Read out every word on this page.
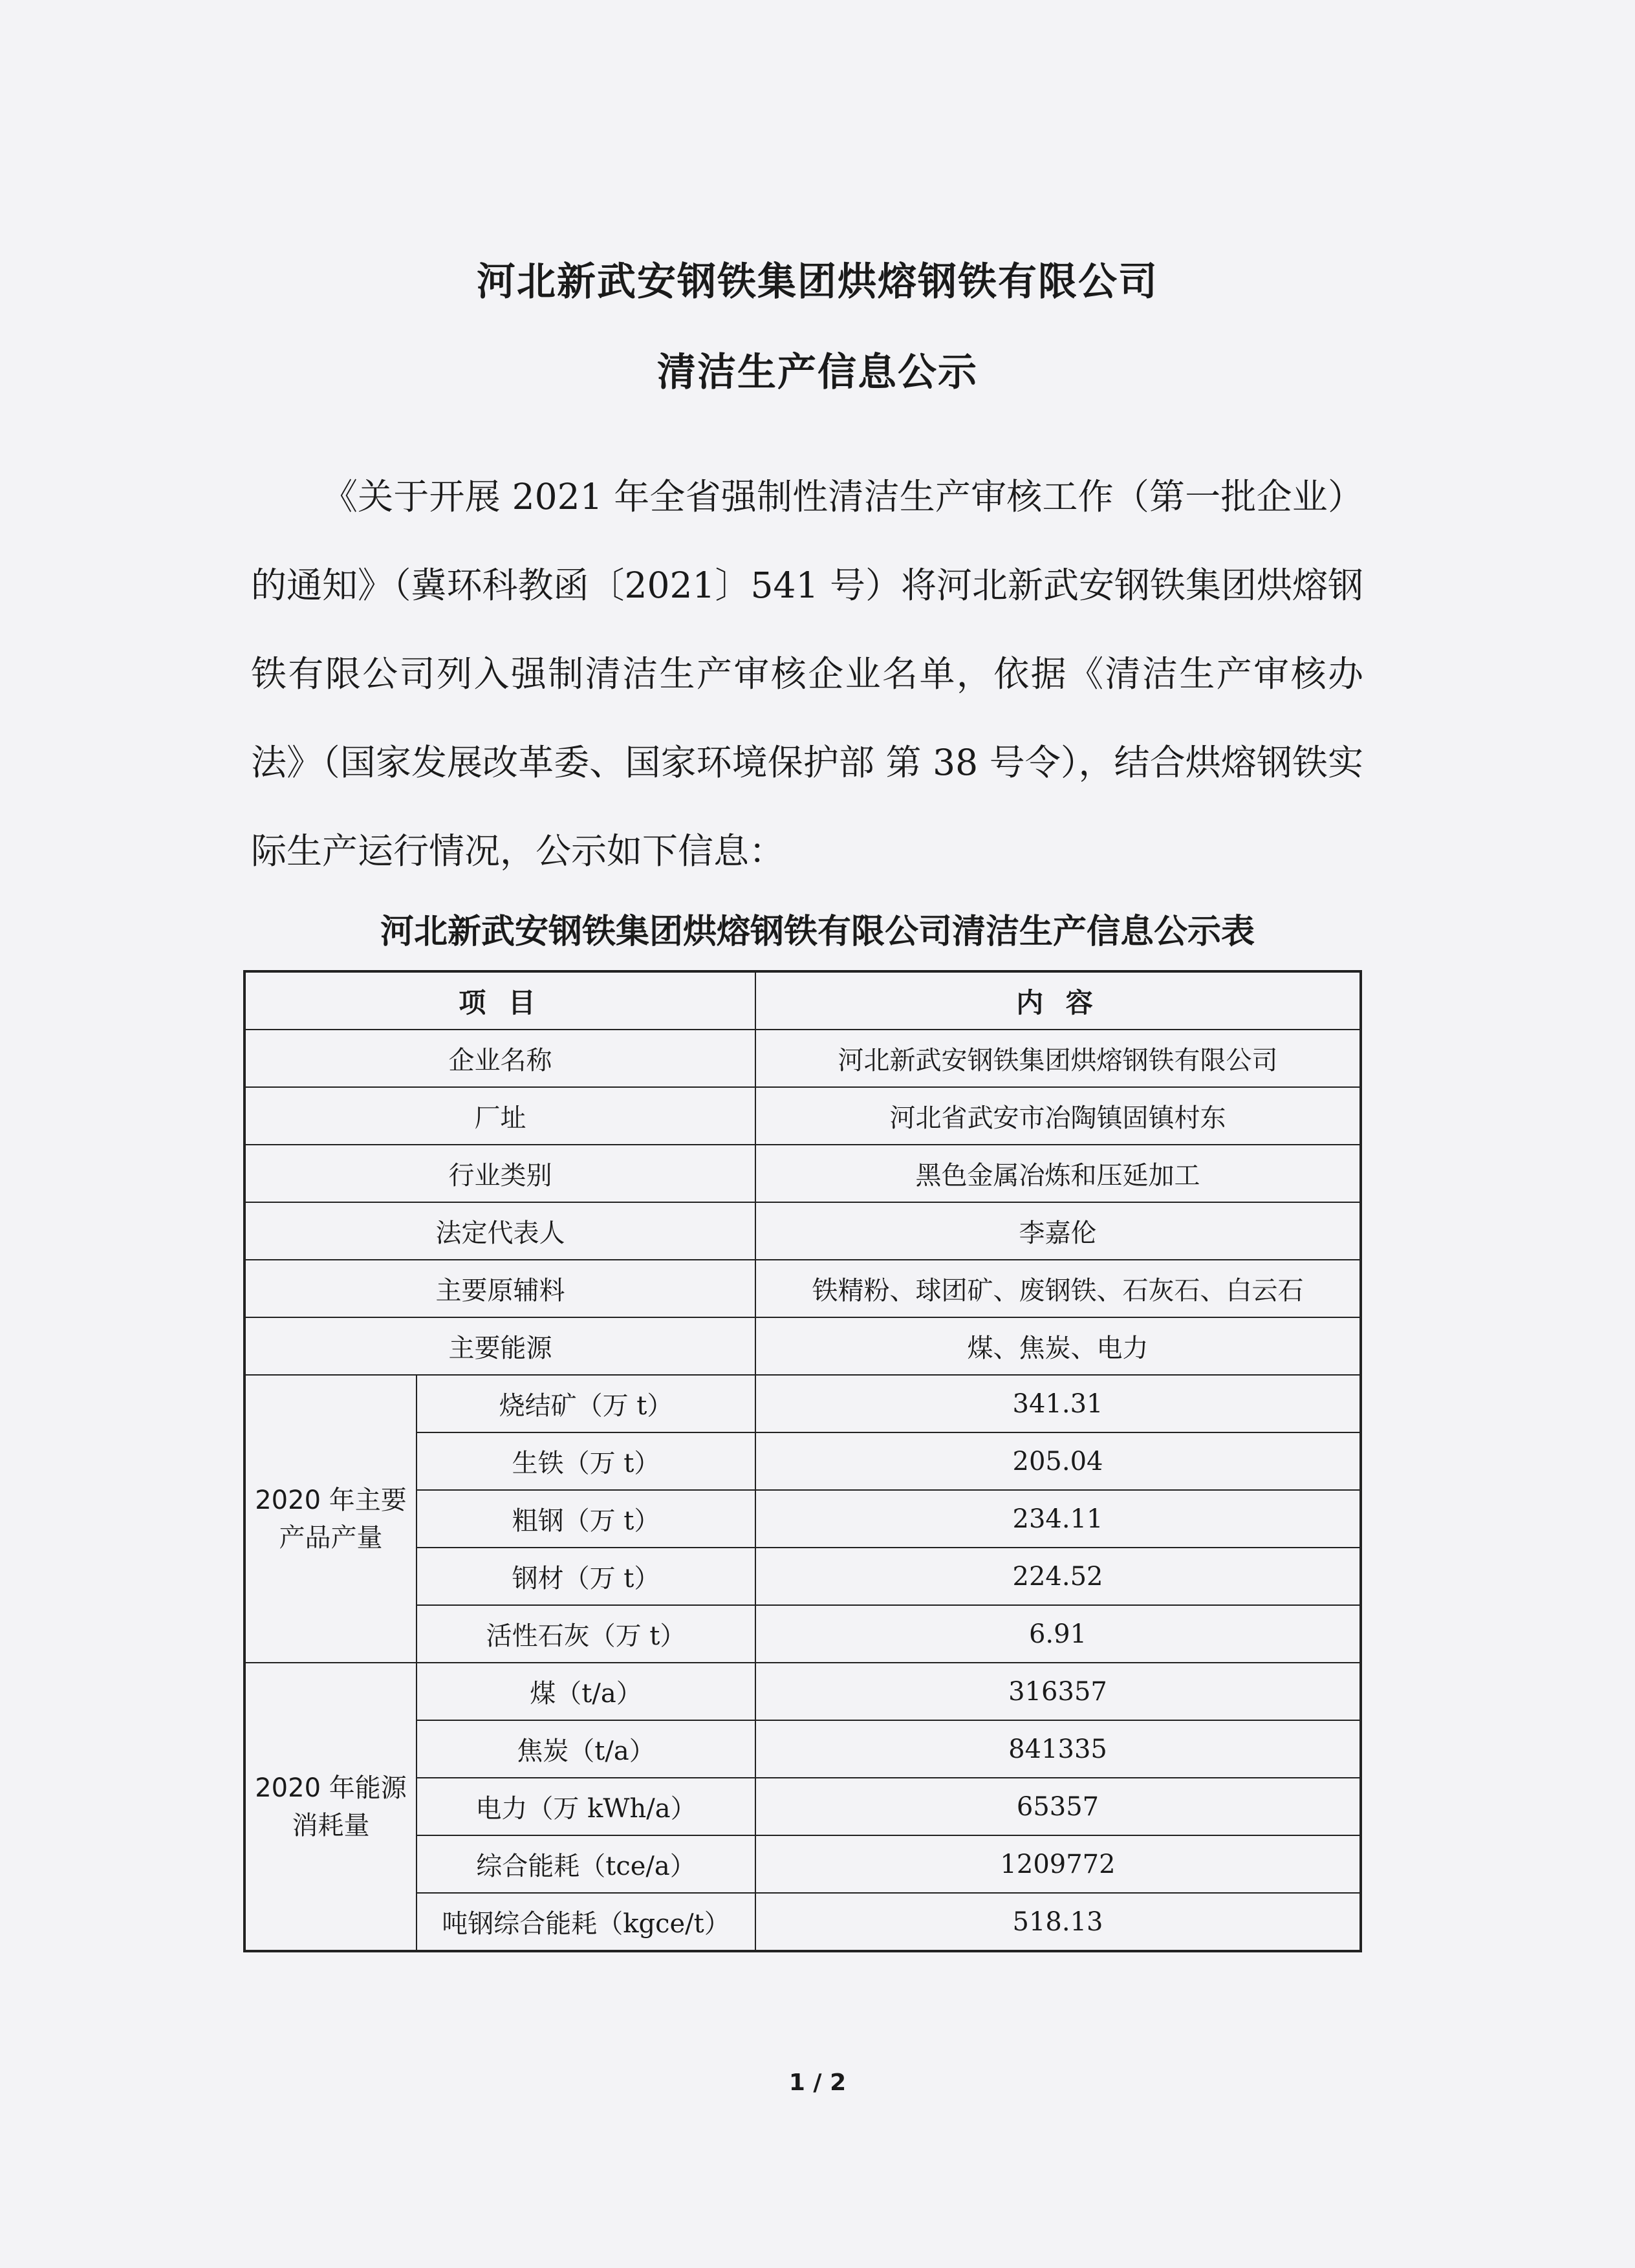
河北新武安钢铁集团烘熔钢铁有限公司
清洁生产信息公示

《关于开展 2021 年全省强制性清洁生产审核工作（第一批企业）的通知》（冀环科教函〔2021〕541 号）将河北新武安钢铁集团烘熔钢铁有限公司列入强制清洁生产审核企业名单，依据《清洁生产审核办法》（国家发展改革委、国家环境保护部 第 38 号令），结合烘熔钢铁实际生产运行情况，公示如下信息：

河北新武安钢铁集团烘熔钢铁有限公司清洁生产信息公示表
项 目		内 容
企业名称		河北新武安钢铁集团烘熔钢铁有限公司
厂址		河北省武安市冶陶镇固镇村东
行业类别		黑色金属冶炼和压延加工
法定代表人		李嘉伦
主要原辅料		铁精粉、球团矿、废钢铁、石灰石、白云石
主要能源		煤、焦炭、电力

2020 年主要
产品产量	烧结矿（万 t）	341.31
	生铁（万 t）	205.04
	粗钢（万 t）	234.11
	钢材（万 t）	224.52
	活性石灰（万 t）	6.91

2020 年能源
消耗量	煤（t/a）	316357
	焦炭（t/a）	841335
	电力（万 kWh/a）	65357
	综合能耗（tce/a）	1209772
	吨钢综合能耗（kgce/t）	518.13

1 / 2
